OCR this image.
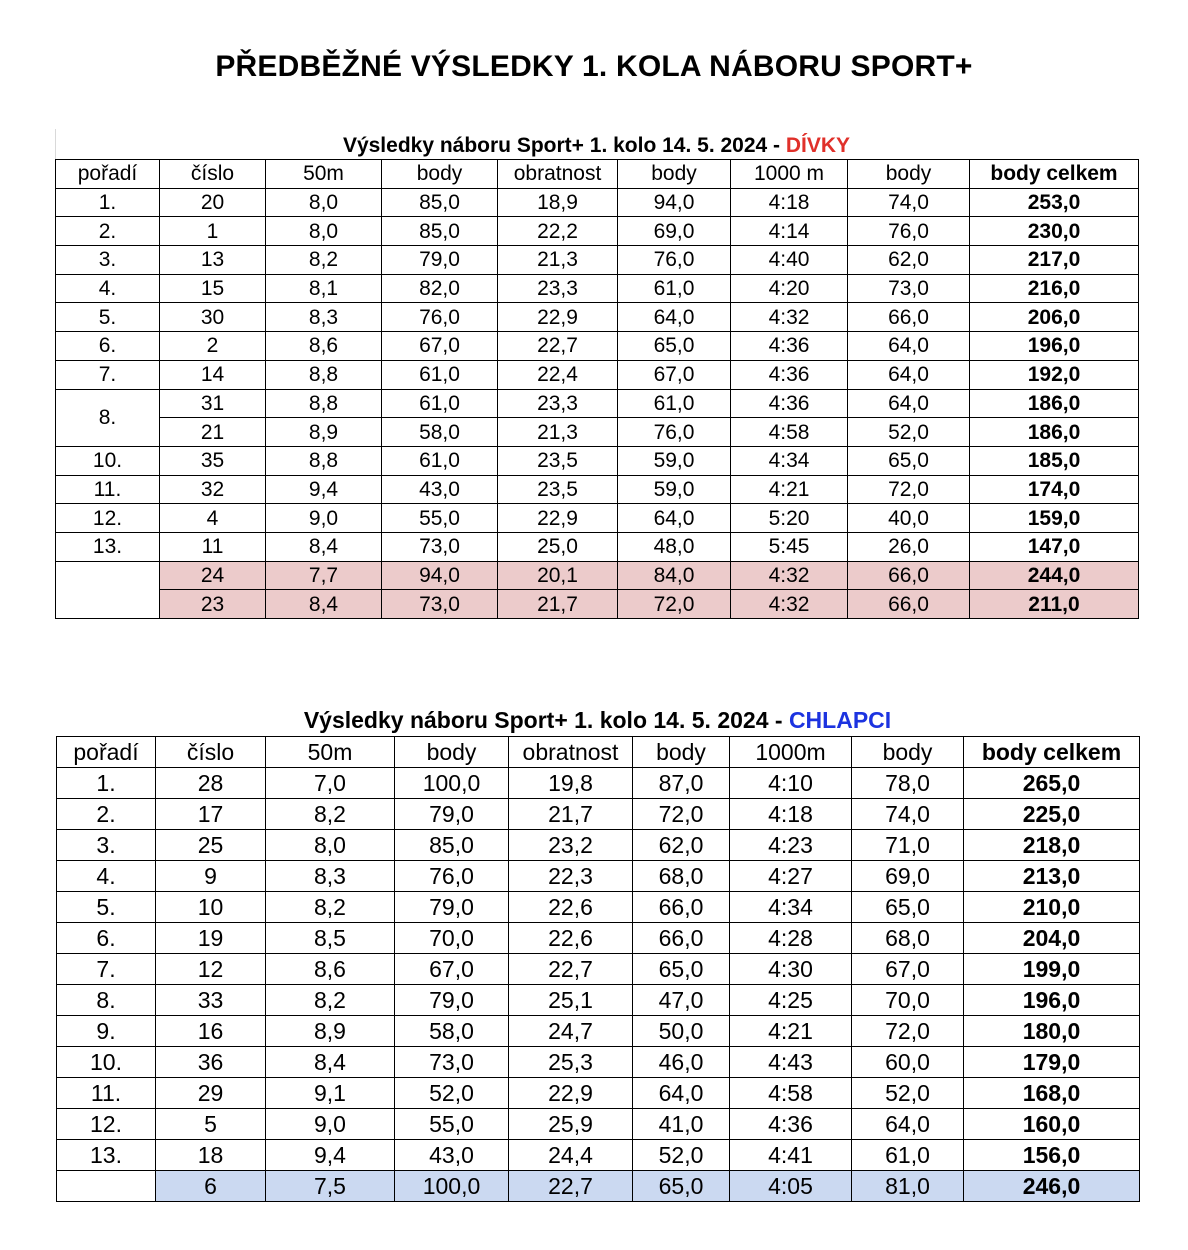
PŘEDBĚŽNÉ VÝSLEDKY 1. KOLA NÁBORU SPORT+
Výsledky náboru Sport+ 1. kolo 14. 5. 2024 - DÍVKY
pořadí	číslo	50m	body	obratnost	body	1000 m	body	body celkem
1.	20	8,0	85,0	18,9	94,0	4:18	74,0	253,0
2.	1	8,0	85,0	22,2	69,0	4:14	76,0	230,0
3.	13	8,2	79,0	21,3	76,0	4:40	62,0	217,0
4.	15	8,1	82,0	23,3	61,0	4:20	73,0	216,0
5.	30	8,3	76,0	22,9	64,0	4:32	66,0	206,0
6.	2	8,6	67,0	22,7	65,0	4:36	64,0	196,0
7.	14	8,8	61,0	22,4	67,0	4:36	64,0	192,0
8.	31	8,8	61,0	23,3	61,0	4:36	64,0	186,0
	21	8,9	58,0	21,3	76,0	4:58	52,0	186,0
10.	35	8,8	61,0	23,5	59,0	4:34	65,0	185,0
11.	32	9,4	43,0	23,5	59,0	4:21	72,0	174,0
12.	4	9,0	55,0	22,9	64,0	5:20	40,0	159,0
13.	11	8,4	73,0	25,0	48,0	5:45	26,0	147,0
	24	7,7	94,0	20,1	84,0	4:32	66,0	244,0
	23	8,4	73,0	21,7	72,0	4:32	66,0	211,0
Výsledky náboru Sport+ 1. kolo 14. 5. 2024 - CHLAPCI
pořadí	číslo	50m	body	obratnost	body	1000m	body	body celkem
1.	28	7,0	100,0	19,8	87,0	4:10	78,0	265,0
2.	17	8,2	79,0	21,7	72,0	4:18	74,0	225,0
3.	25	8,0	85,0	23,2	62,0	4:23	71,0	218,0
4.	9	8,3	76,0	22,3	68,0	4:27	69,0	213,0
5.	10	8,2	79,0	22,6	66,0	4:34	65,0	210,0
6.	19	8,5	70,0	22,6	66,0	4:28	68,0	204,0
7.	12	8,6	67,0	22,7	65,0	4:30	67,0	199,0
8.	33	8,2	79,0	25,1	47,0	4:25	70,0	196,0
9.	16	8,9	58,0	24,7	50,0	4:21	72,0	180,0
10.	36	8,4	73,0	25,3	46,0	4:43	60,0	179,0
11.	29	9,1	52,0	22,9	64,0	4:58	52,0	168,0
12.	5	9,0	55,0	25,9	41,0	4:36	64,0	160,0
13.	18	9,4	43,0	24,4	52,0	4:41	61,0	156,0
	6	7,5	100,0	22,7	65,0	4:05	81,0	246,0
